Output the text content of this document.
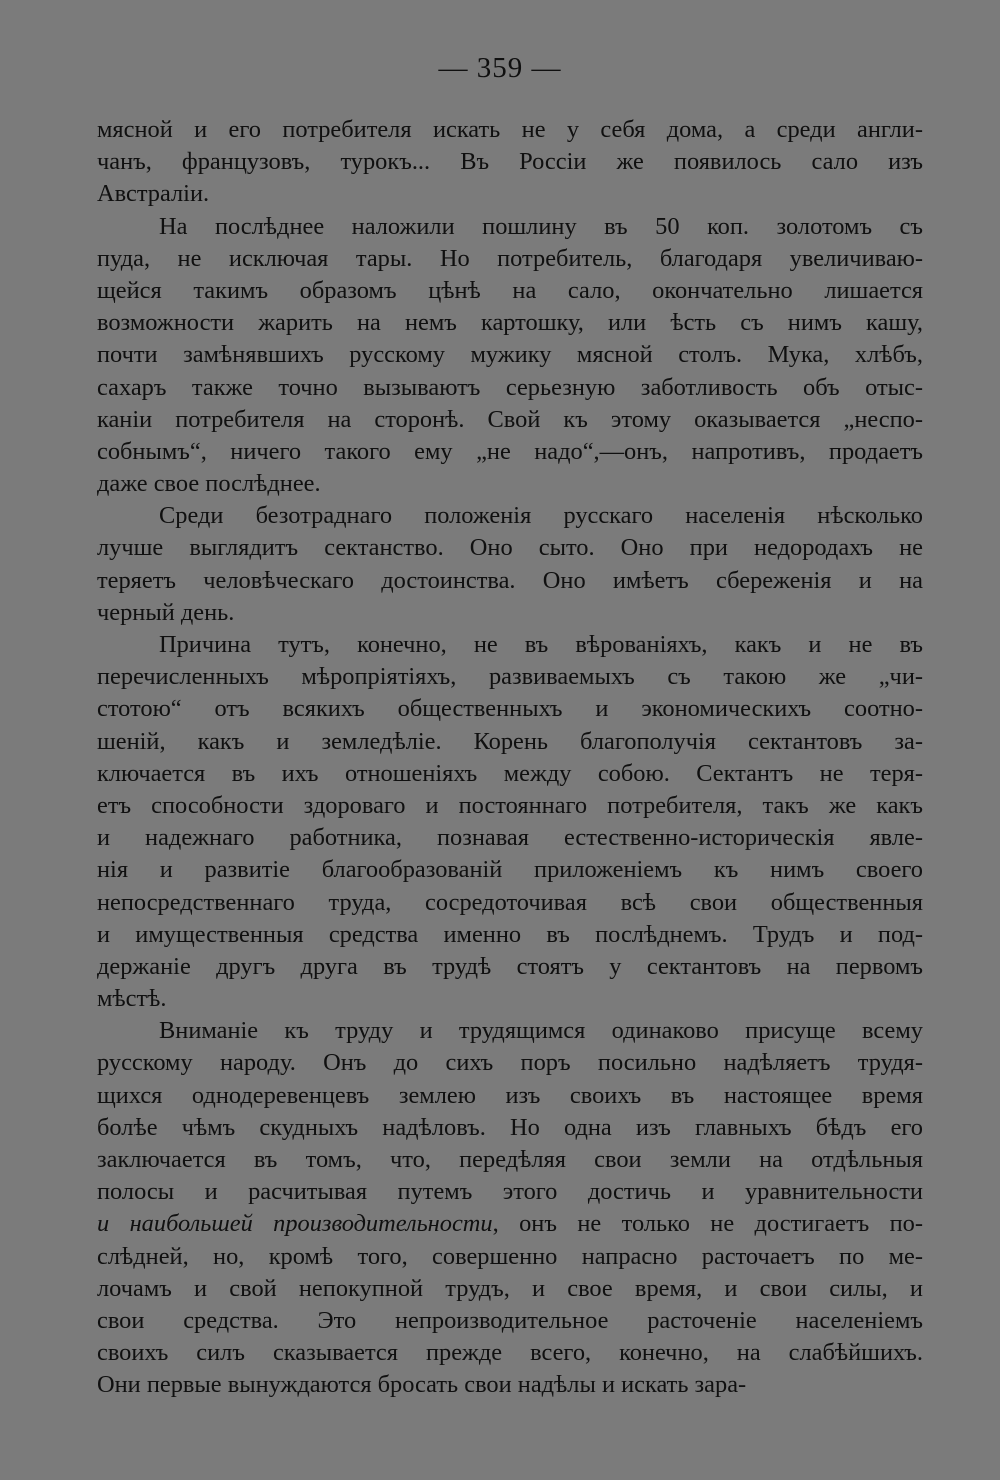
— 359 —
мясной и его потребителя искать не у себя дома, а среди англи-
чанъ, французовъ, турокъ... Въ Россіи же появилось сало изъ
Австраліи.
На послѣднее наложили пошлину въ 50 коп. золотомъ съ
пуда, не исключая тары. Но потребитель, благодаря увеличиваю-
щейся такимъ образомъ цѣнѣ на сало, окончательно лишается
возможности жарить на немъ картошку, или ѣсть съ нимъ кашу,
почти замѣнявшихъ русскому мужику мясной столъ. Мука, хлѣбъ,
сахаръ также точно вызываютъ серьезную заботливость объ отыс-
каніи потребителя на сторонѣ. Свой къ этому оказывается „неспо-
собнымъ“, ничего такого ему „не надо“,—онъ, напротивъ, продаетъ
даже свое послѣднее.
Среди безотраднаго положенія русскаго населенія нѣсколько
лучше выглядитъ сектанство. Оно сыто. Оно при недородахъ не
теряетъ человѣческаго достоинства. Оно имѣетъ сбереженія и на
черный день.
Причина тутъ, конечно, не въ вѣрованіяхъ, какъ и не въ
перечисленныхъ мѣропріятіяхъ, развиваемыхъ съ такою же „чи-
стотою“ отъ всякихъ общественныхъ и экономическихъ соотно-
шеній, какъ и земледѣліе. Корень благополучія сектантовъ за-
ключается въ ихъ отношеніяхъ между собою. Сектантъ не теря-
етъ способности здороваго и постояннаго потребителя, такъ же какъ
и надежнаго работника, познавая естественно-историческія явле-
нія и развитіе благообразованій приложеніемъ къ нимъ своего
непосредственнаго труда, сосредоточивая всѣ свои общественныя
и имущественныя средства именно въ послѣднемъ. Трудъ и под-
держаніе другъ друга въ трудѣ стоятъ у сектантовъ на первомъ
мѣстѣ.
Вниманіе къ труду и трудящимся одинаково присуще всему
русскому народу. Онъ до сихъ поръ посильно надѣляетъ трудя-
щихся однодеревенцевъ землею изъ своихъ въ настоящее время
болѣе чѣмъ скудныхъ надѣловъ. Но одна изъ главныхъ бѣдъ его
заключается въ томъ, что, передѣляя свои земли на отдѣльныя
полосы и расчитывая путемъ этого достичь и уравнительности
и наибольшей производительности, онъ не только не достигаетъ по-
слѣдней, но, кромѣ того, совершенно напрасно расточаетъ по ме-
лочамъ и свой непокупной трудъ, и свое время, и свои силы, и
свои средства. Это непроизводительное расточеніе населеніемъ
своихъ силъ сказывается прежде всего, конечно, на слабѣйшихъ.
Они первые вынуждаются бросать свои надѣлы и искать зара-
